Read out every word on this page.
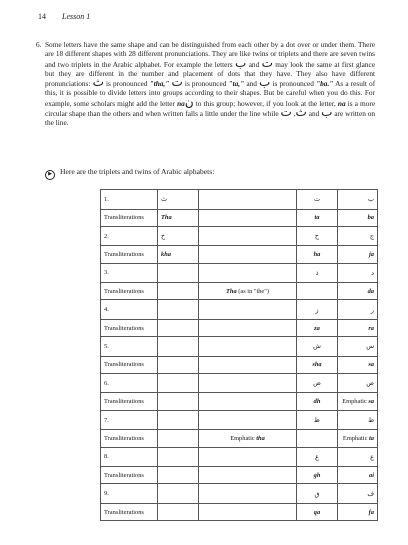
14 Lesson 1

6. Some letters have the same shape and can be distinguished from each other by a dot over or under them. There are 18 different shapes with 28 different pronunciations. They are like twins or triplets and there are seven twins and two triplets in the Arabic alphabet. For example the letters ب and ت may look the same at first glance but they are different in the number and placement of dots that they have. They also have different pronunciations: ث is pronounced "tha," ت is pronounced "ta," and ب is pronounced "ba." As a result of this, it is possible to divide letters into groups according to their shapes. But be careful when you do this. For example, some scholars might add the letter naن to this group; however, if you look at the letter, na is a more circular shape than the others and when written falls a little under the line while ث, ت and ب are written on the line.

▶ Here are the triplets and twins of Arabic alphabets:

1.	ث		ت	ب
Transliterations	Tha		ta	ba
2.	خ		ح	ج
Transliterations	kha		ha	ja
3.			ذ	د
Transliterations		Tha (as in "the")		da
4.			ز	ر
Transliterations			za	ra
5.			ش	س
Transliterations			sha	sa
6.			ض	ص
Transliterations			dh	Emphatic sa
7.			ظ	ط
Transliterations		Emphatic tha		Emphatic ta
8.			غ	ع
Transliterations			gh	ai
9.			ق	ف
Transliterations			qa	fa
